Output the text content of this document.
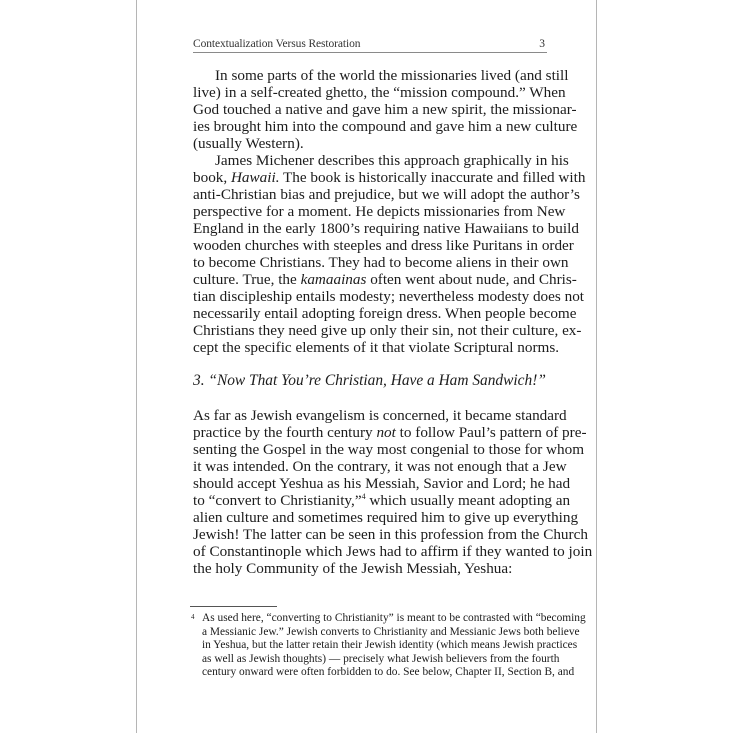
Contextualization Versus Restoration	3
In some parts of the world the missionaries lived (and still
live) in a self-created ghetto, the “mission compound.” When
God touched a native and gave him a new spirit, the missionar-
ies brought him into the compound and gave him a new culture
(usually Western).
James Michener describes this approach graphically in his
book, Hawaii. The book is historically inaccurate and filled with
anti-Christian bias and prejudice, but we will adopt the author’s
perspective for a moment. He depicts missionaries from New
England in the early 1800’s requiring native Hawaiians to build
wooden churches with steeples and dress like Puritans in order
to become Christians. They had to become aliens in their own
culture. True, the kamaainas often went about nude, and Chris-
tian discipleship entails modesty; nevertheless modesty does not
necessarily entail adopting foreign dress. When people become
Christians they need give up only their sin, not their culture, ex-
cept the specific elements of it that violate Scriptural norms.
3. “Now That You’re Christian, Have a Ham Sandwich!”
As far as Jewish evangelism is concerned, it became standard
practice by the fourth century not to follow Paul’s pattern of pre-
senting the Gospel in the way most congenial to those for whom
it was intended. On the contrary, it was not enough that a Jew
should accept Yeshua as his Messiah, Savior and Lord; he had
to “convert to Christianity,”$^4$ which usually meant adopting an
alien culture and sometimes required him to give up everything
Jewish! The latter can be seen in this profession from the Church
of Constantinople which Jews had to affirm if they wanted to join
the holy Community of the Jewish Messiah, Yeshua:
4 As used here, “converting to Christianity” is meant to be contrasted with “becoming
a Messianic Jew.” Jewish converts to Christianity and Messianic Jews both believe
in Yeshua, but the latter retain their Jewish identity (which means Jewish practices
as well as Jewish thoughts) — precisely what Jewish believers from the fourth
century onward were often forbidden to do. See below, Chapter II, Section B, and
